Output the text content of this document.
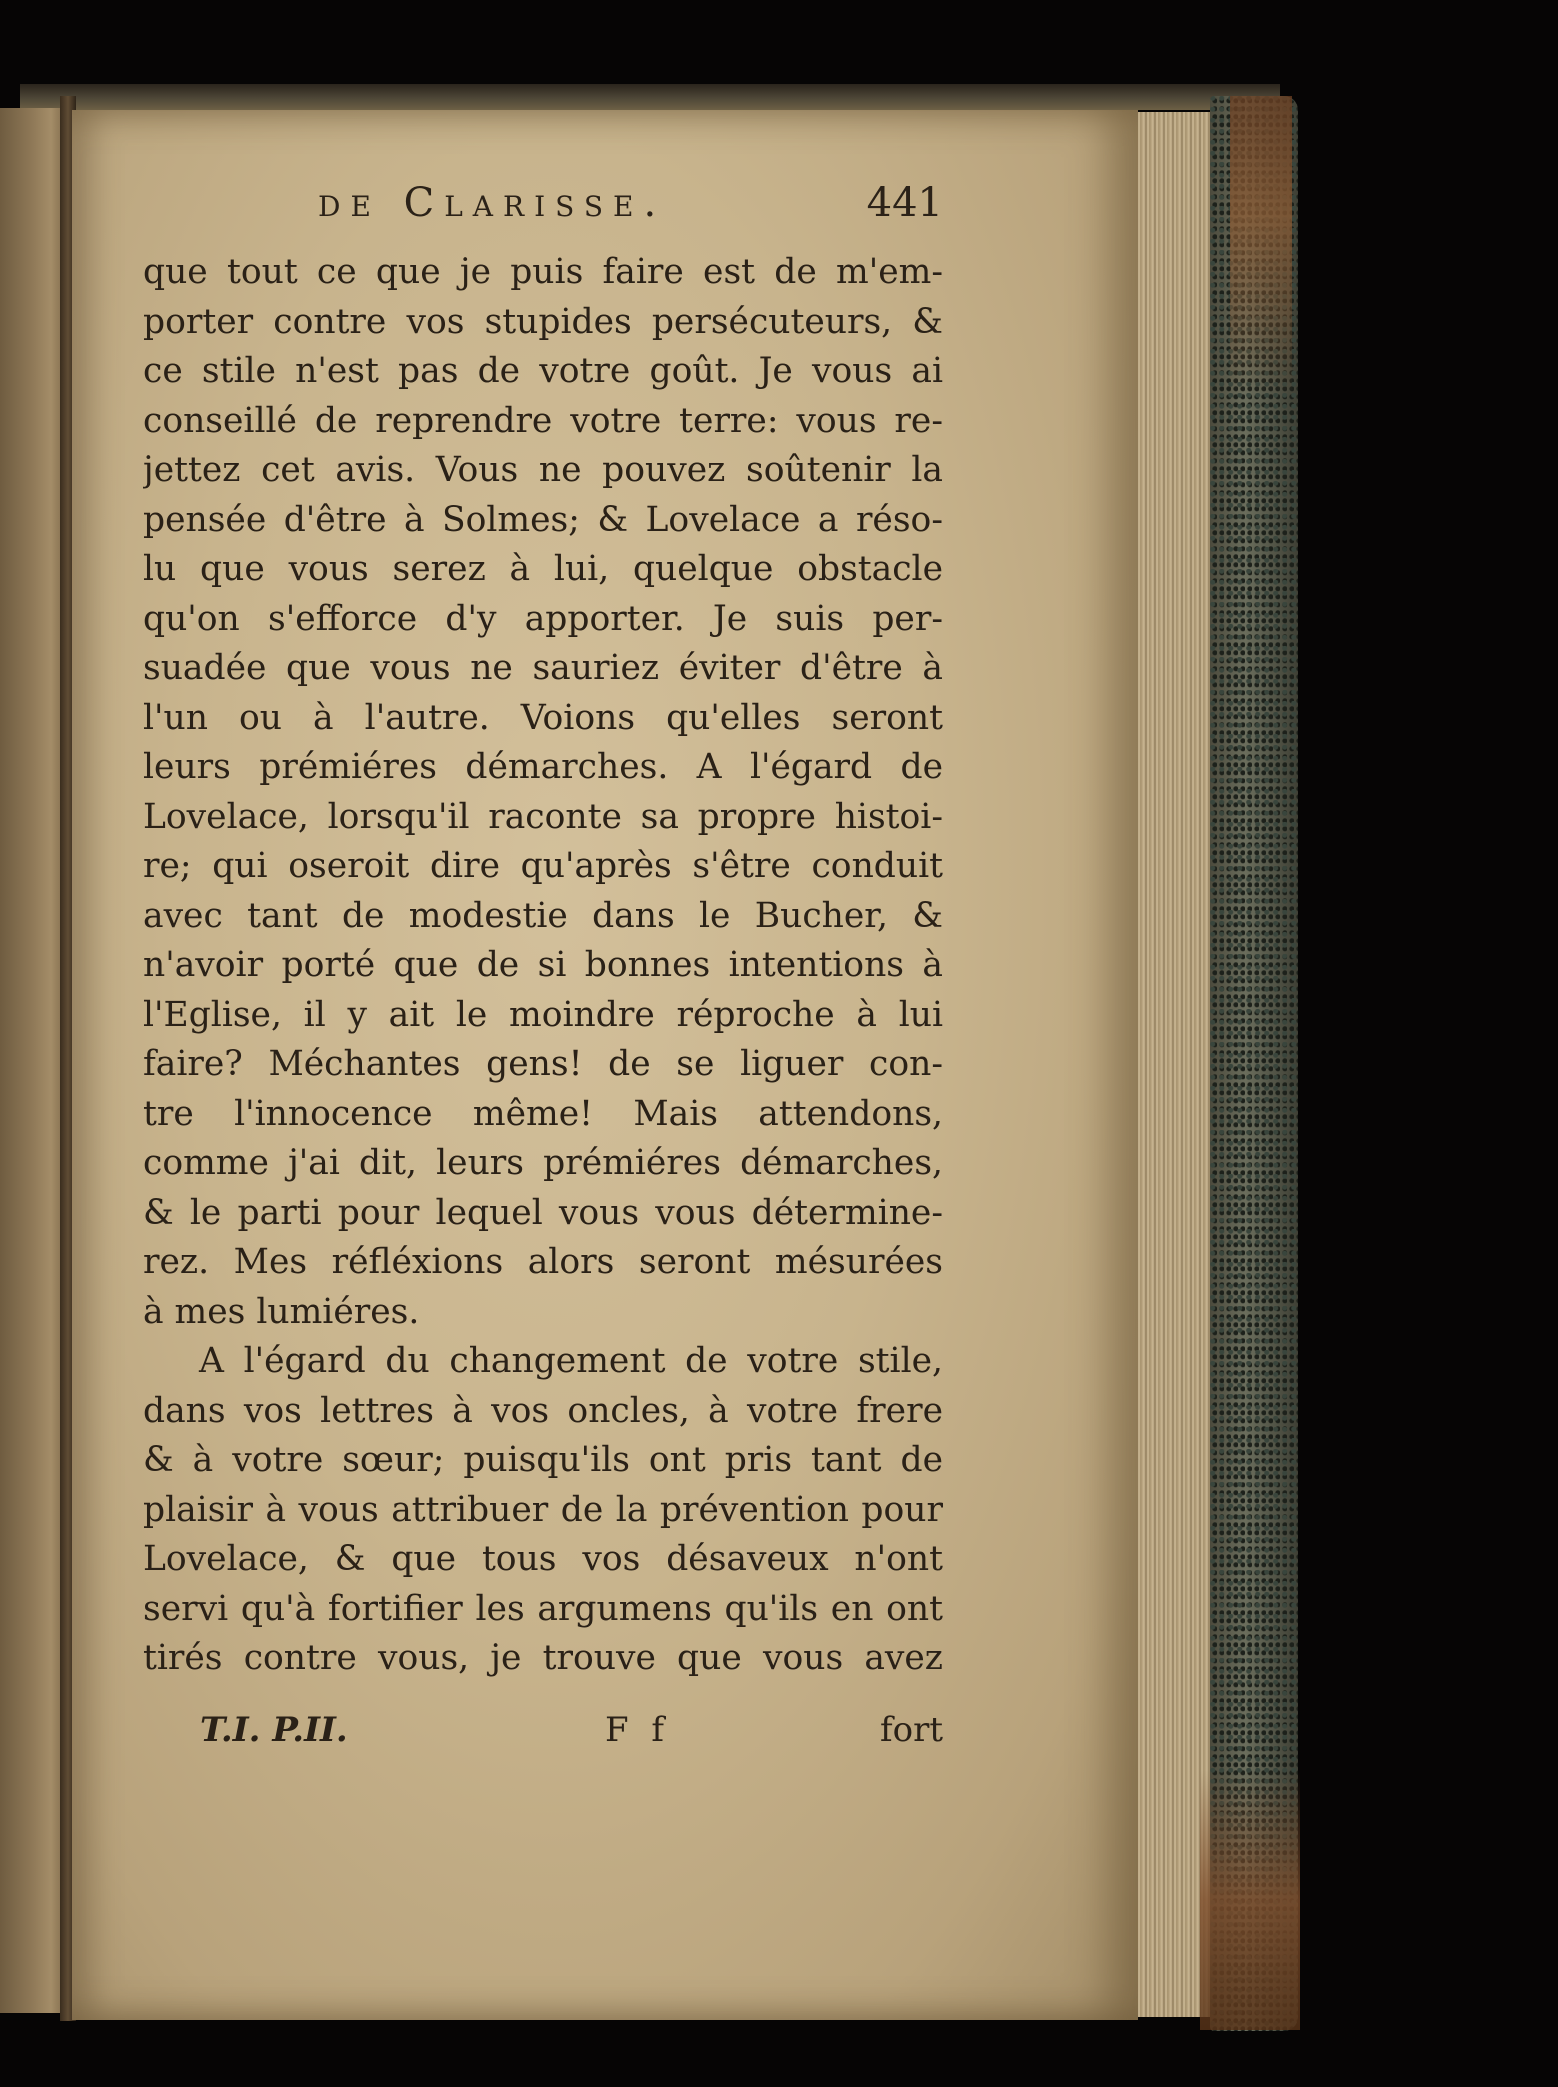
de Clarisse.	441
que tout ce que je puis faire est de m'em-
porter contre vos stupides persécuteurs, &
ce stile n'est pas de votre goût. Je vous ai
conseillé de reprendre votre terre: vous re-
jettez cet avis. Vous ne pouvez soûtenir la
pensée d'être à Solmes; & Lovelace a réso-
lu que vous serez à lui, quelque obstacle
qu'on s'efforce d'y apporter. Je suis per-
suadée que vous ne sauriez éviter d'être à
l'un ou à l'autre. Voions qu'elles seront
leurs prémiéres démarches. A l'égard de
Lovelace, lorsqu'il raconte sa propre histoi-
re; qui oseroit dire qu'après s'être conduit
avec tant de modestie dans le Bucher, &
n'avoir porté que de si bonnes intentions à
l'Eglise, il y ait le moindre réproche à lui
faire? Méchantes gens! de se liguer con-
tre l'innocence même! Mais attendons,
comme j'ai dit, leurs prémiéres démarches,
& le parti pour lequel vous vous détermine-
rez. Mes réfléxions alors seront mésurées
à mes lumiéres.
A l'égard du changement de votre stile,
dans vos lettres à vos oncles, à votre frere
& à votre sœur; puisqu'ils ont pris tant de
plaisir à vous attribuer de la prévention pour
Lovelace, & que tous vos désaveux n'ont
servi qu'à fortifier les argumens qu'ils en ont
tirés contre vous, je trouve que vous avez
T.I. P.II.	F f	fort
